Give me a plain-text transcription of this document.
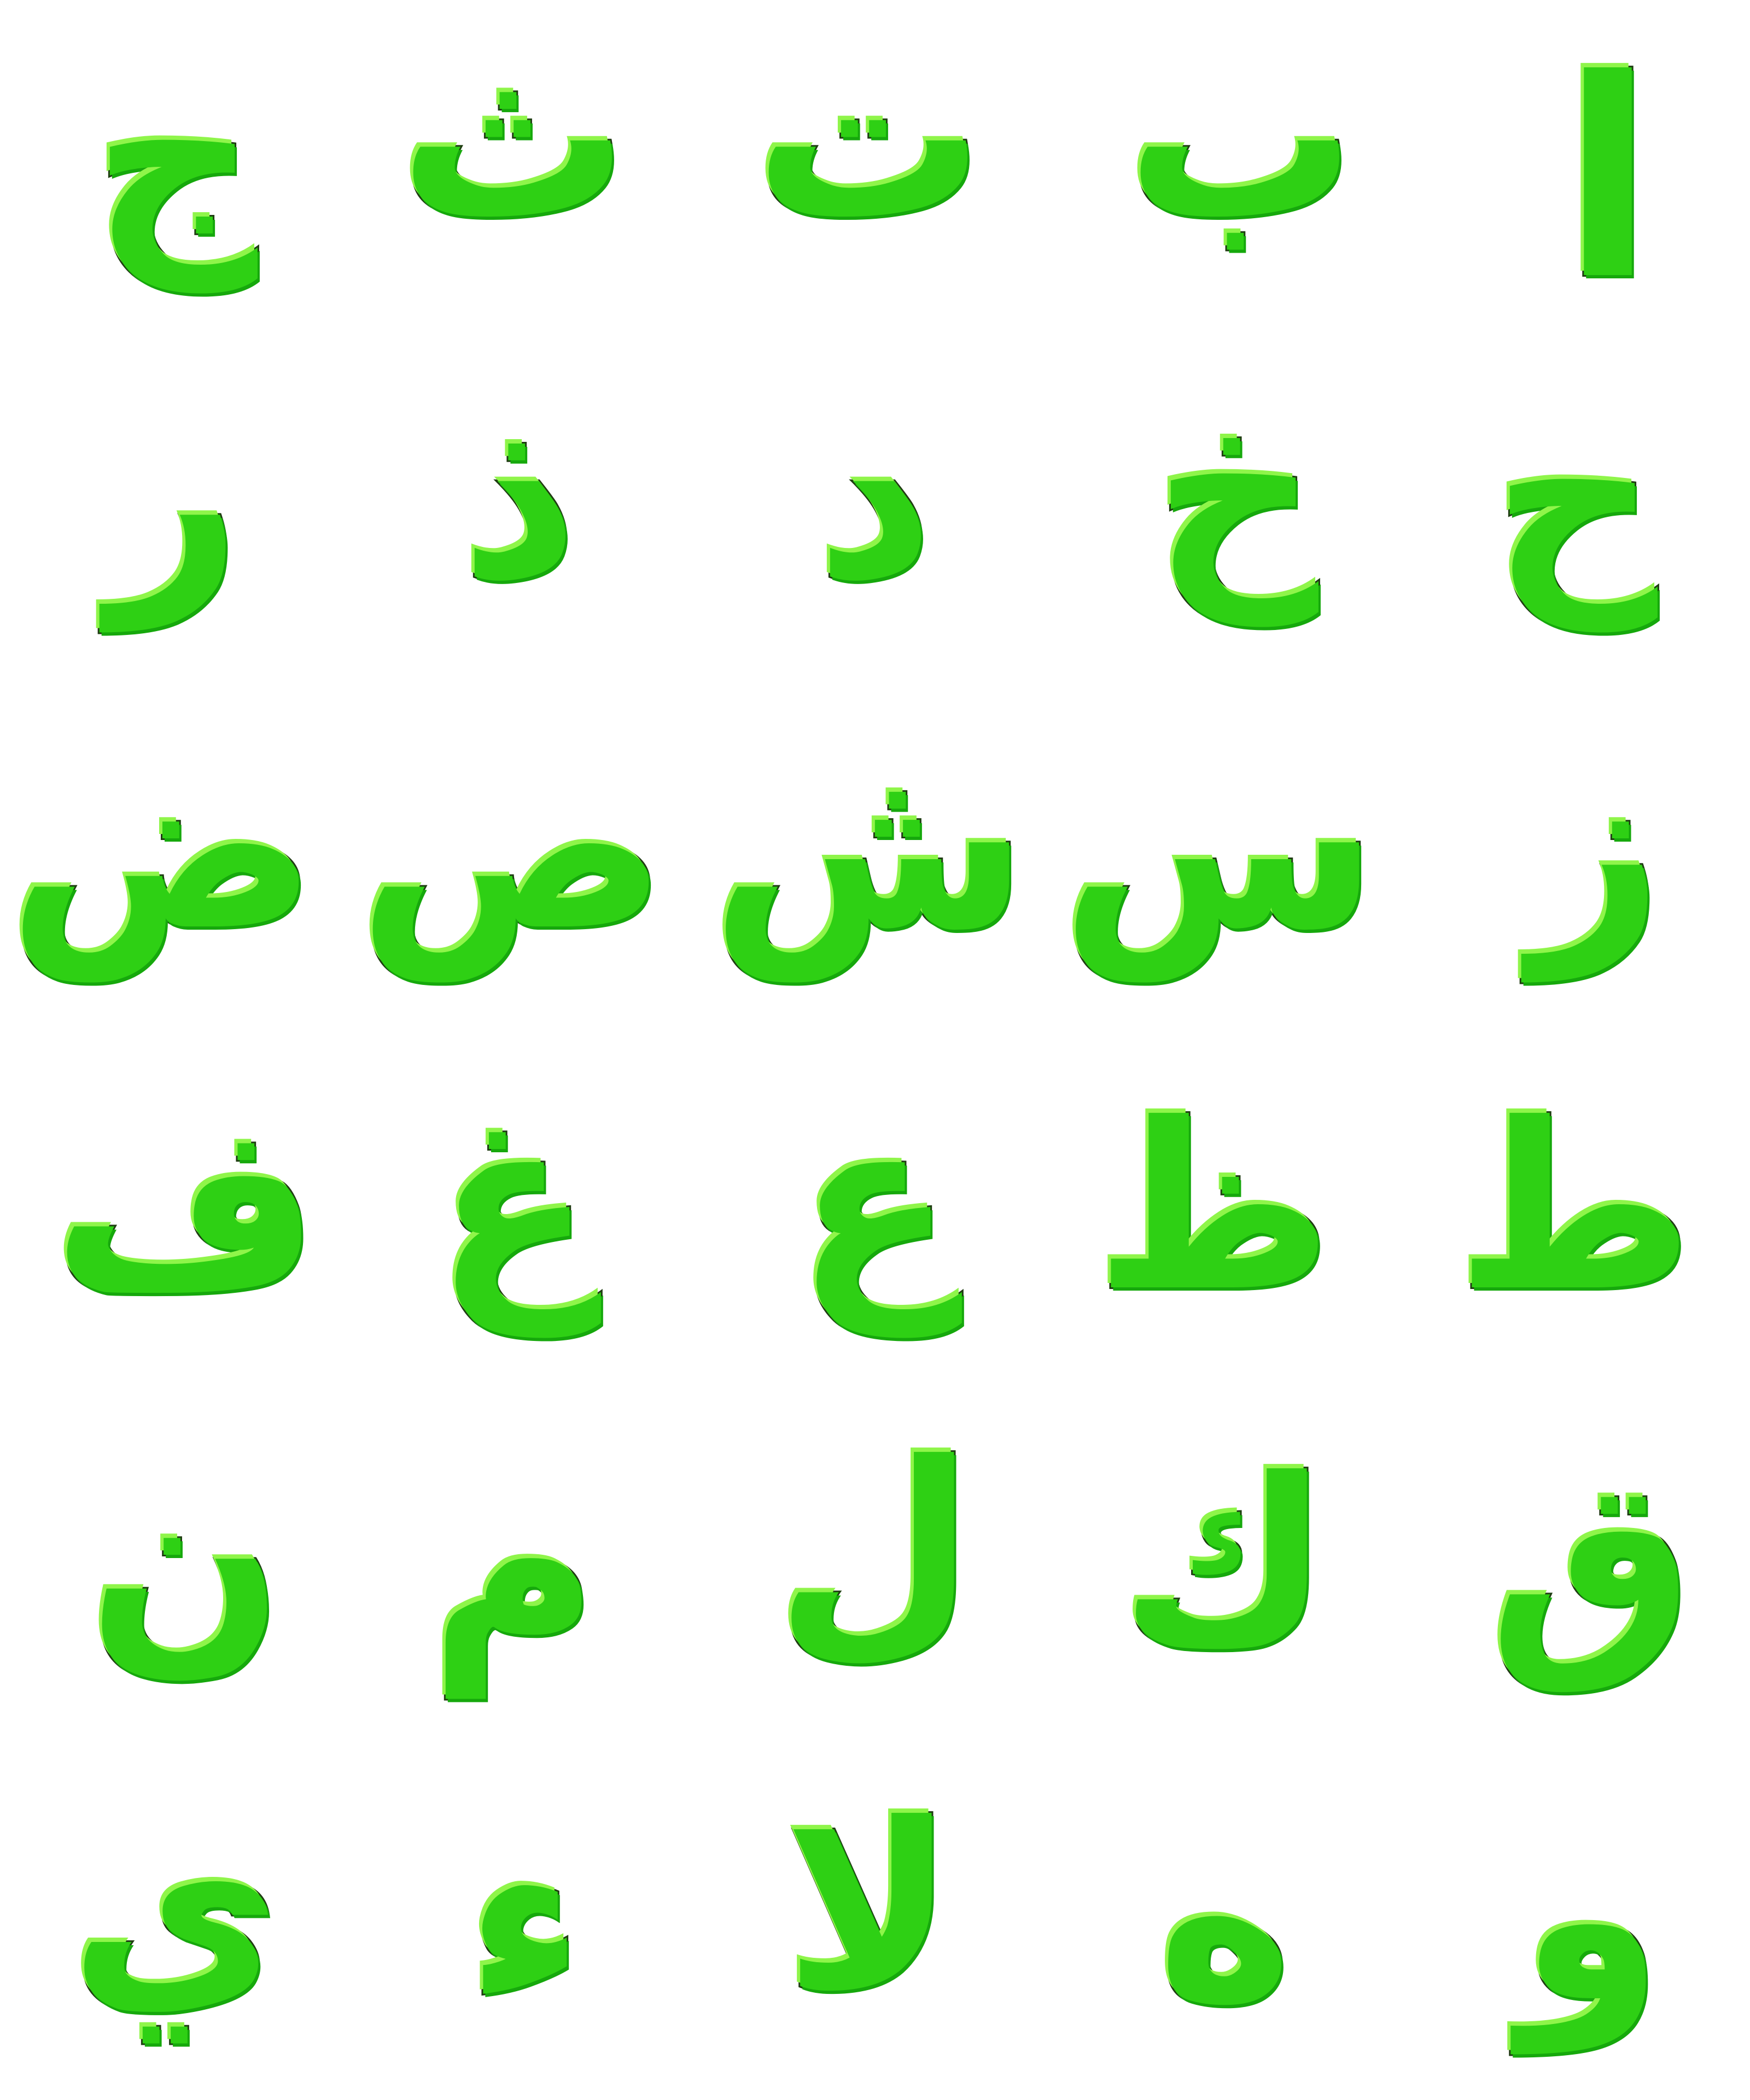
ا
ب
ت
ث
ج
ح
خ
د
ذ
ر
ز
س
ش
ص
ض
ط
ظ
ع
غ
ف
ق
ك
ل
م
ن
و
ه
لا
ء
ي
